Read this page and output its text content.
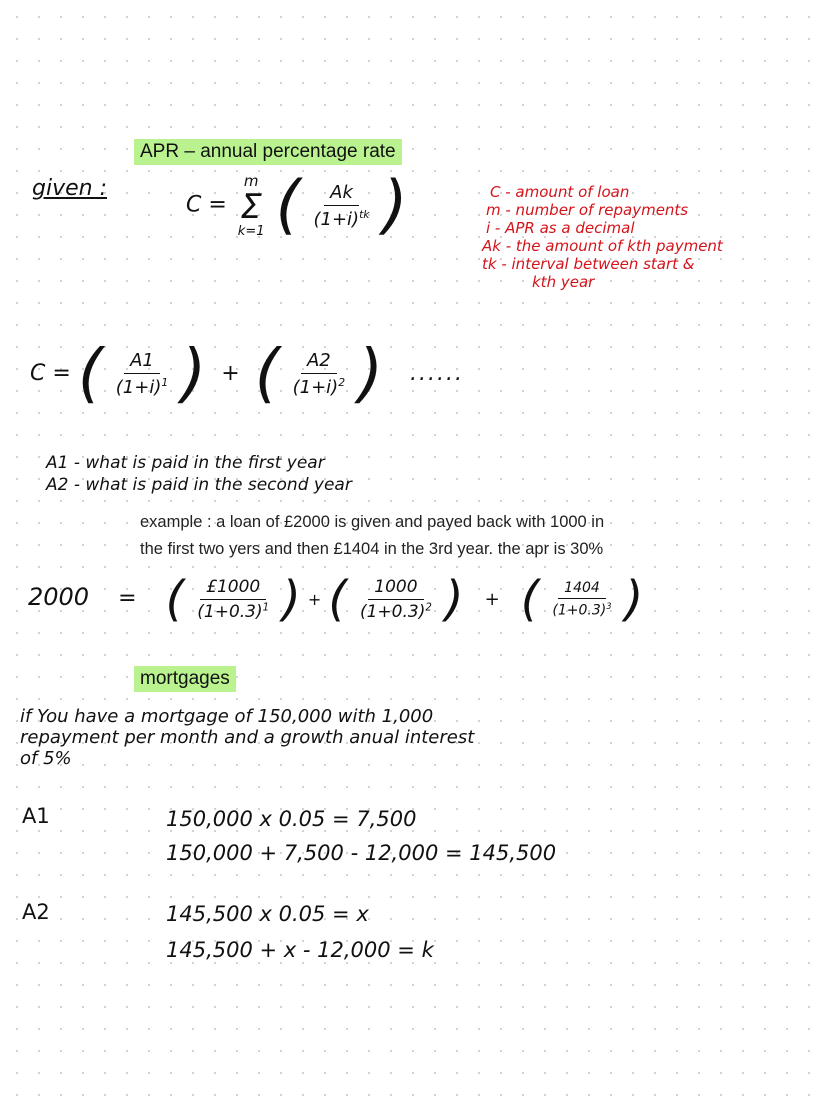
APR – annual percentage rate
given :
C =
m
Σ
k=1 ( $\frac{Ak}{(1+i)^{tk}}$ )	C - amount of loan
m - number of repayments
i - APR as a decimal
Ak - the amount of kth payment
tk - interval between start &
kth year
C = ( $\frac{A1}{(1+i)^1}$ ) + ( $\frac{A2}{(1+i)^2}$ ) ......
A1 - what is paid in the first year
A2 - what is paid in the second year
example : a loan of £2000 is given and payed back with 1000 in
the first two yers and then £1404 in the 3rd year. the apr is 30%
2000 = ( $\frac{£1000}{(1+0.3)^1}$ ) + ( $\frac{1000}{(1+0.3)^2}$ ) + ( $\frac{1404}{(1+0.3)^3}$ )
mortgages
if You have a mortgage of 150,000 with 1,000
repayment per month and a growth anual interest
of 5%
A1	150,000 x 0.05 = 7,500
150,000 + 7,500 - 12,000 = 145,500
A2	145,500 x 0.05 = x
145,500 + x - 12,000 = k
